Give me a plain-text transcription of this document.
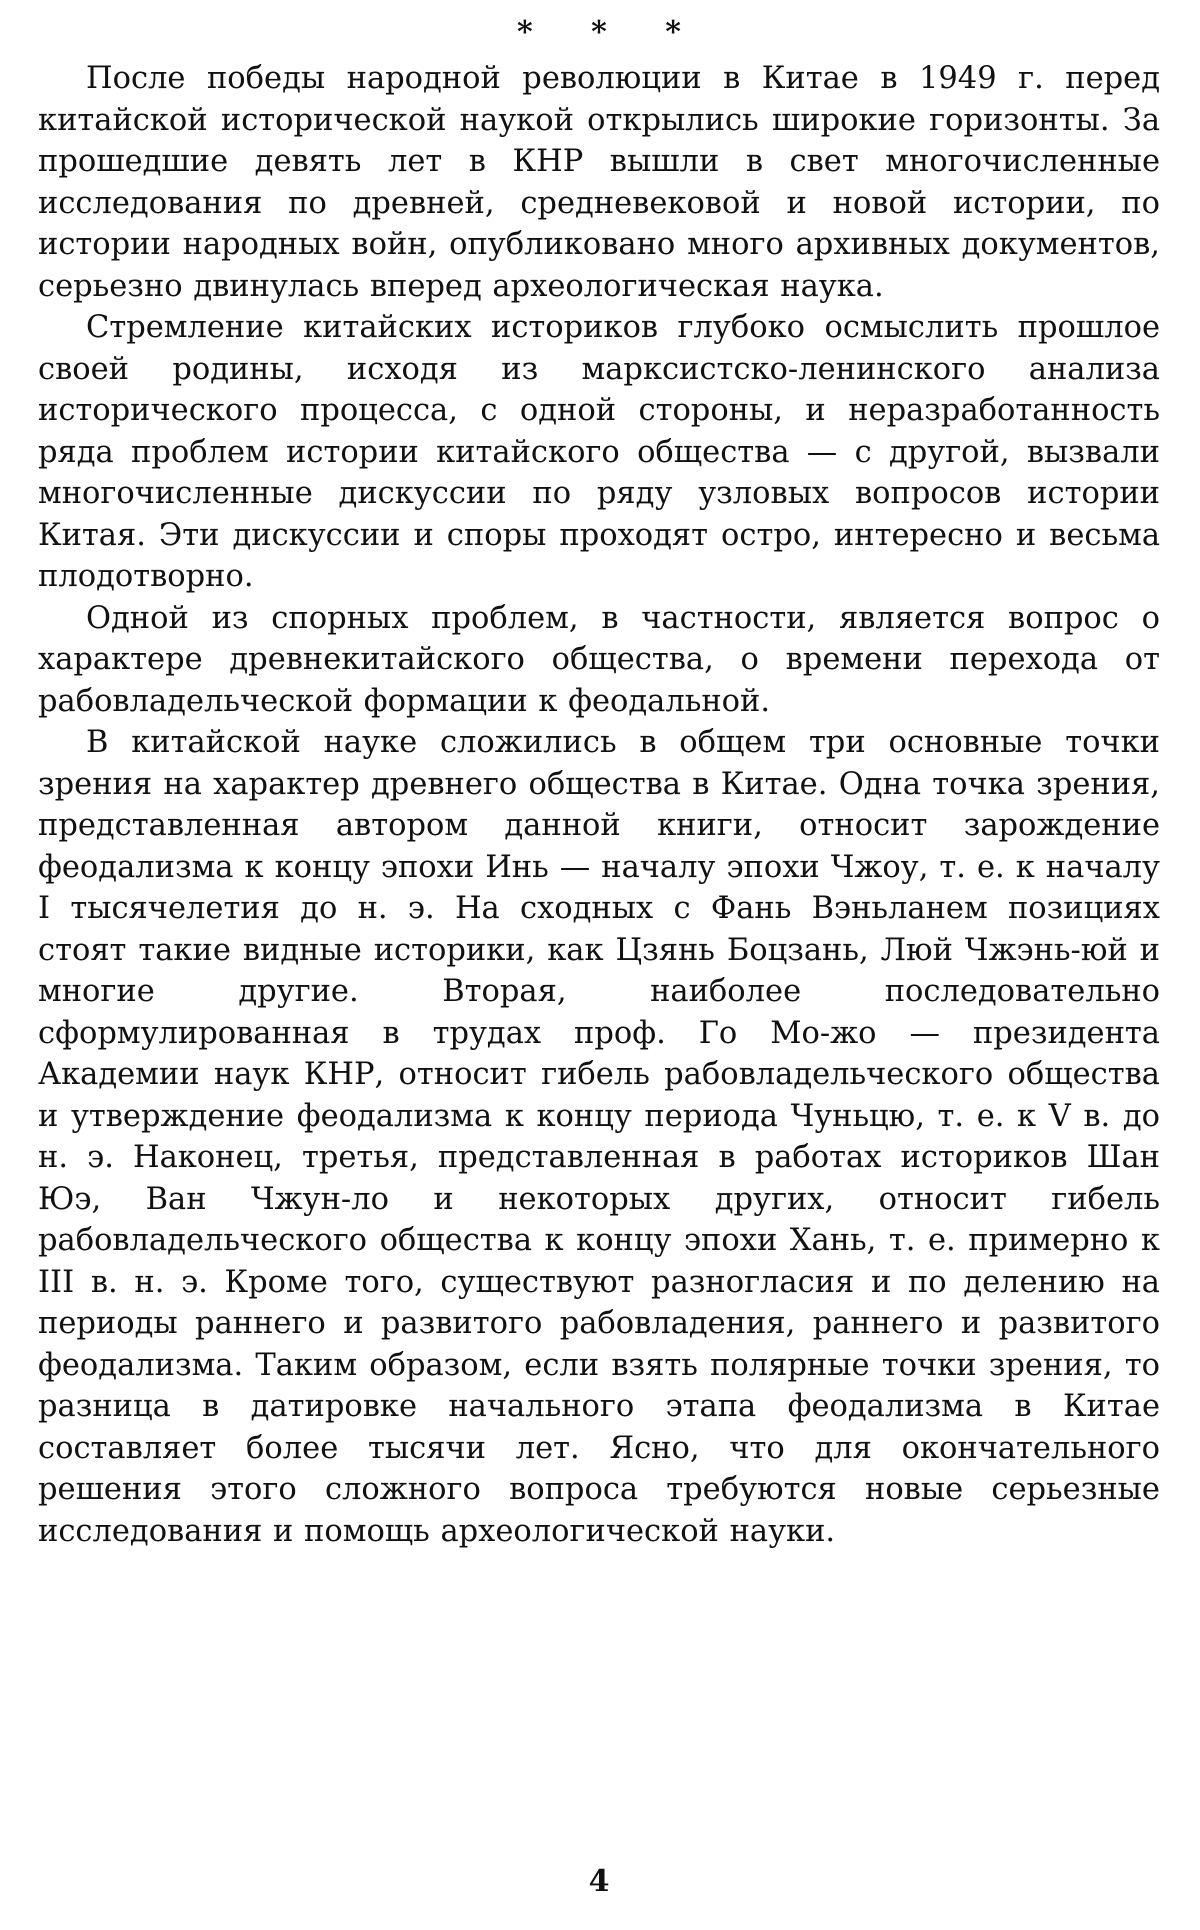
* * *

После победы народной революции в Китае в 1949 г. перед китайской исторической наукой открылись широкие горизонты. За прошедшие девять лет в КНР вышли в свет многочисленные исследования по древней, средневековой и новой истории, по истории народных войн, опубликовано много архивных документов, серьезно двинулась вперед археологическая наука.

Стремление китайских историков глубоко осмыслить прошлое своей родины, исходя из марксистско-ленинского анализа исторического процесса, с одной стороны, и неразработанность ряда проблем истории китайского общества — с другой, вызвали многочисленные дискуссии по ряду узловых вопросов истории Китая. Эти дискуссии и споры проходят остро, интересно и весьма плодотворно.

Одной из спорных проблем, в частности, является вопрос о характере древнекитайского общества, о времени перехода от рабовладельческой формации к феодальной.

В китайской науке сложились в общем три основные точки зрения на характер древнего общества в Китае. Одна точка зрения, представленная автором данной книги, относит зарождение феодализма к концу эпохи Инь — началу эпохи Чжоу, т. е. к началу I тысячелетия до н. э. На сходных с Фань Вэньланем позициях стоят такие видные историки, как Цзянь Боцзань, Люй Чжэнь-юй и многие другие. Вторая, наиболее последовательно сформулированная в трудах проф. Го Мо-жо — президента Академии наук КНР, относит гибель рабовладельческого общества и утверждение феодализма к концу периода Чуньцю, т. е. к V в. до н. э. Наконец, третья, представленная в работах историков Шан Юэ, Ван Чжун-ло и некоторых других, относит гибель рабовладельческого общества к концу эпохи Хань, т. е. примерно к III в. н. э. Кроме того, существуют разногласия и по делению на периоды раннего и развитого рабовладения, раннего и развитого феодализма. Таким образом, если взять полярные точки зрения, то разница в датировке начального этапа феодализма в Китае составляет более тысячи лет. Ясно, что для окончательного решения этого сложного вопроса требуются новые серьезные исследования и помощь археологической науки.

4
